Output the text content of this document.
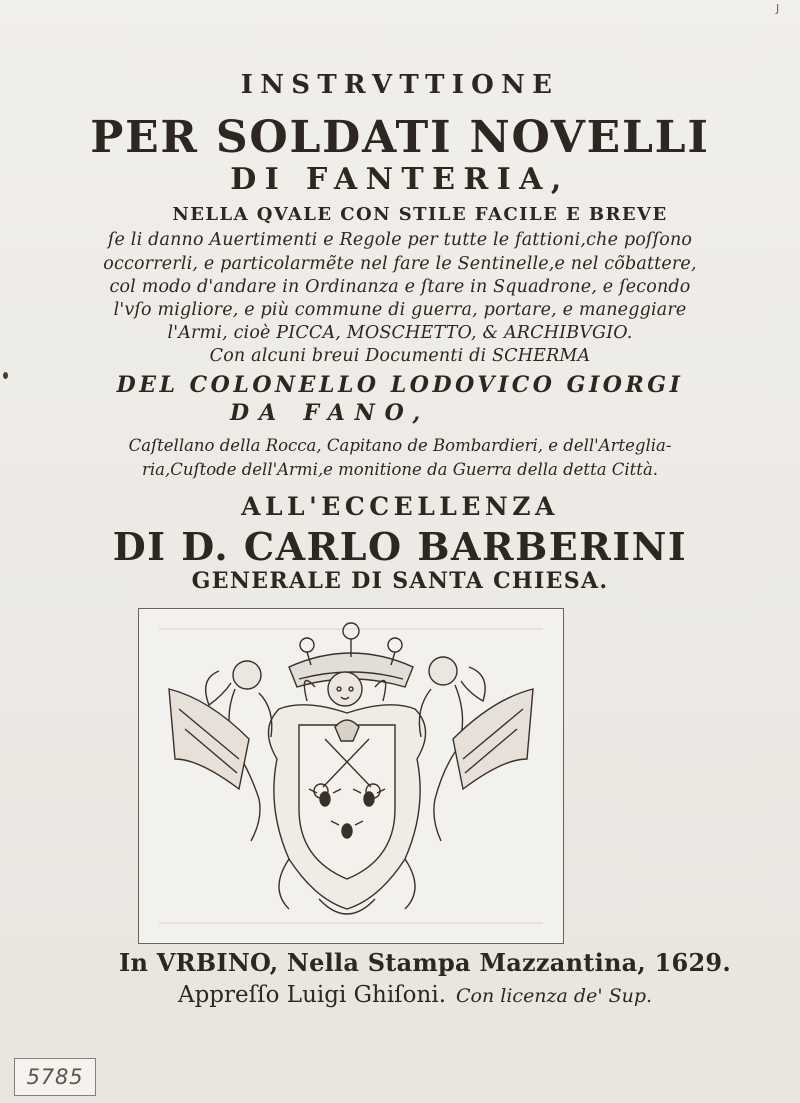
J
INSTRVTTIONE
PER SOLDATI NOVELLI
DI FANTERIA,
NELLA QVALE CON STILE FACILE E BREVE
ſe li danno Auertimenti e Regole per tutte le fattioni,che poſſono
occorrerli, e particolarmẽte nel fare le Sentinelle,e nel cõbattere,
col modo d'andare in Ordinanza e ſtare in Squadrone, e ſecondo
l'vſo migliore, e più commune di guerra, portare, e maneggiare
l'Armi, cioè PICCA, MOSCHETTO, & ARCHIBVGIO.
Con alcuni breui Documenti di SCHERMA
DEL COLONELLO LODOVICO GIORGI
DA FANO,
Caſtellano della Rocca, Capitano de Bombardieri, e dell'Arteglia-
ria,Cuſtode dell'Armi,e monitione da Guerra della detta Città.
ALL'ECCELLENZA
DI D. CARLO BARBERINI
GENERALE DI SANTA CHIESA.
In VRBINO, Nella Stampa Mazzantina, 1629.
Appreſſo Luigi Ghiſoni. Con licenza de' Sup.
5785
